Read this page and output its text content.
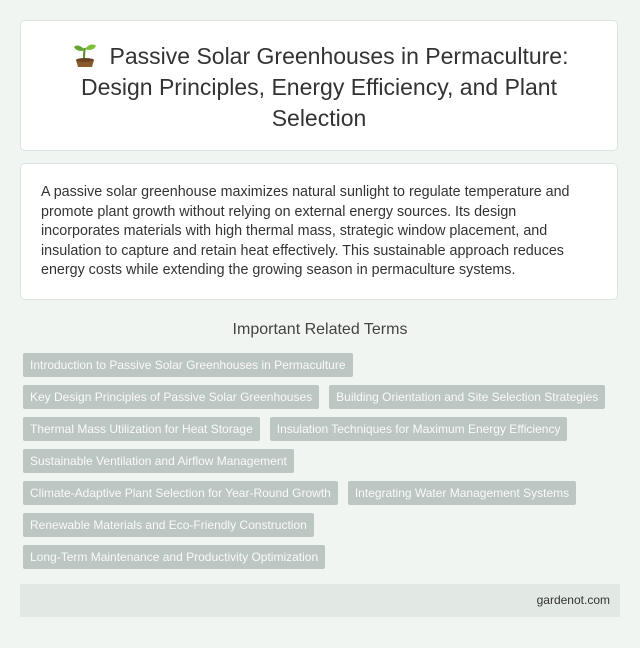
Passive Solar Greenhouses in Permaculture: Design Principles, Energy Efficiency, and Plant Selection

A passive solar greenhouse maximizes natural sunlight to regulate temperature and promote plant growth without relying on external energy sources. Its design incorporates materials with high thermal mass, strategic window placement, and insulation to capture and retain heat effectively. This sustainable approach reduces energy costs while extending the growing season in permaculture systems.

Important Related Terms
Introduction to Passive Solar Greenhouses in Permaculture
Key Design Principles of Passive Solar Greenhouses	Building Orientation and Site Selection Strategies
Thermal Mass Utilization for Heat Storage	Insulation Techniques for Maximum Energy Efficiency
Sustainable Ventilation and Airflow Management
Climate-Adaptive Plant Selection for Year-Round Growth	Integrating Water Management Systems
Renewable Materials and Eco-Friendly Construction
Long-Term Maintenance and Productivity Optimization
gardenot.com
